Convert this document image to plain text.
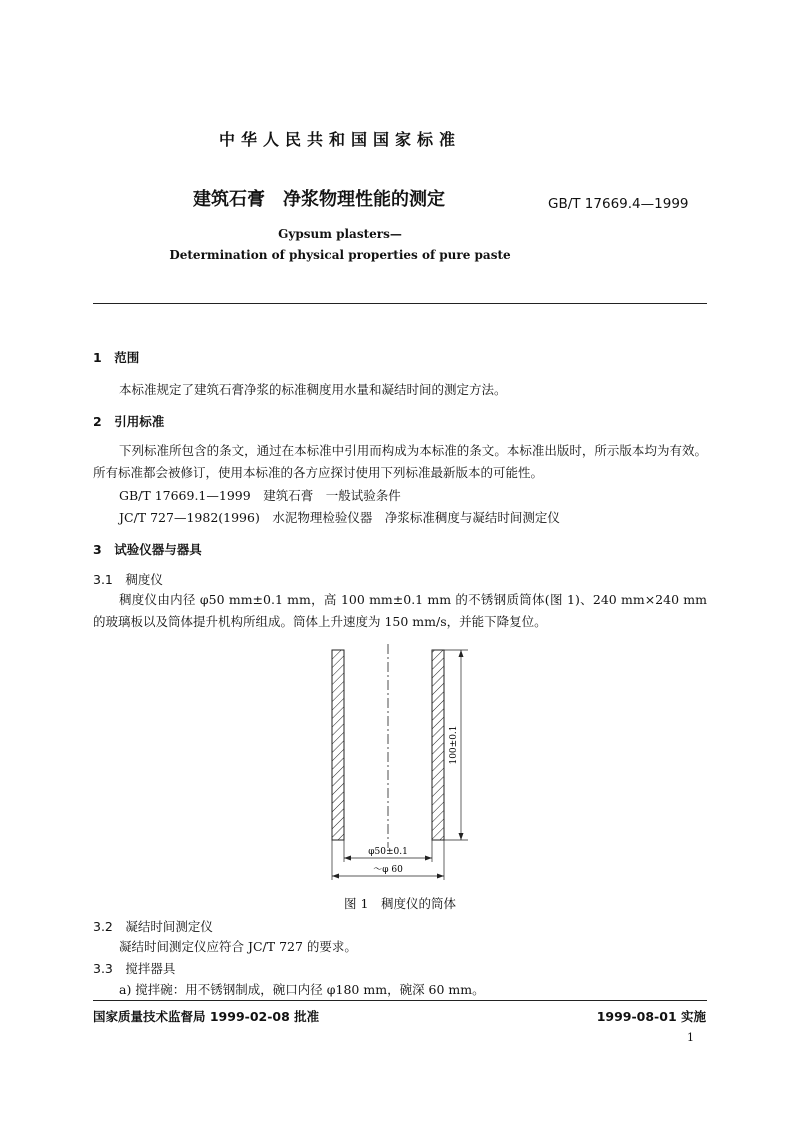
中华人民共和国国家标准
建筑石膏　净浆物理性能的测定	GB/T 17669.4—1999
Gypsum plasters—
Determination of physical properties of pure paste
1　范围
本标准规定了建筑石膏净浆的标准稠度用水量和凝结时间的测定方法。
2　引用标准
下列标准所包含的条文，通过在本标准中引用而构成为本标准的条文。本标准出版时，所示版本均为有效。所有标准都会被修订，使用本标准的各方应探讨使用下列标准最新版本的可能性。
GB/T 17669.1—1999　建筑石膏　一般试验条件
JC/T 727—1982(1996)　水泥物理检验仪器　净浆标准稠度与凝结时间测定仪
3　试验仪器与器具
3.1　稠度仪
稠度仪由内径 φ50 mm±0.1 mm，高 100 mm±0.1 mm 的不锈钢质筒体(图 1)、240 mm×240 mm 的玻璃板以及筒体提升机构所组成。筒体上升速度为 150 mm/s，并能下降复位。
100±0.1
φ50±0.1
～φ 60
图 1　稠度仪的筒体
3.2　凝结时间测定仪
凝结时间测定仪应符合 JC/T 727 的要求。
3.3　搅拌器具
a) 搅拌碗：用不锈钢制成，碗口内径 φ180 mm，碗深 60 mm。
国家质量技术监督局 1999-02-08 批准	1999-08-01 实施
1
